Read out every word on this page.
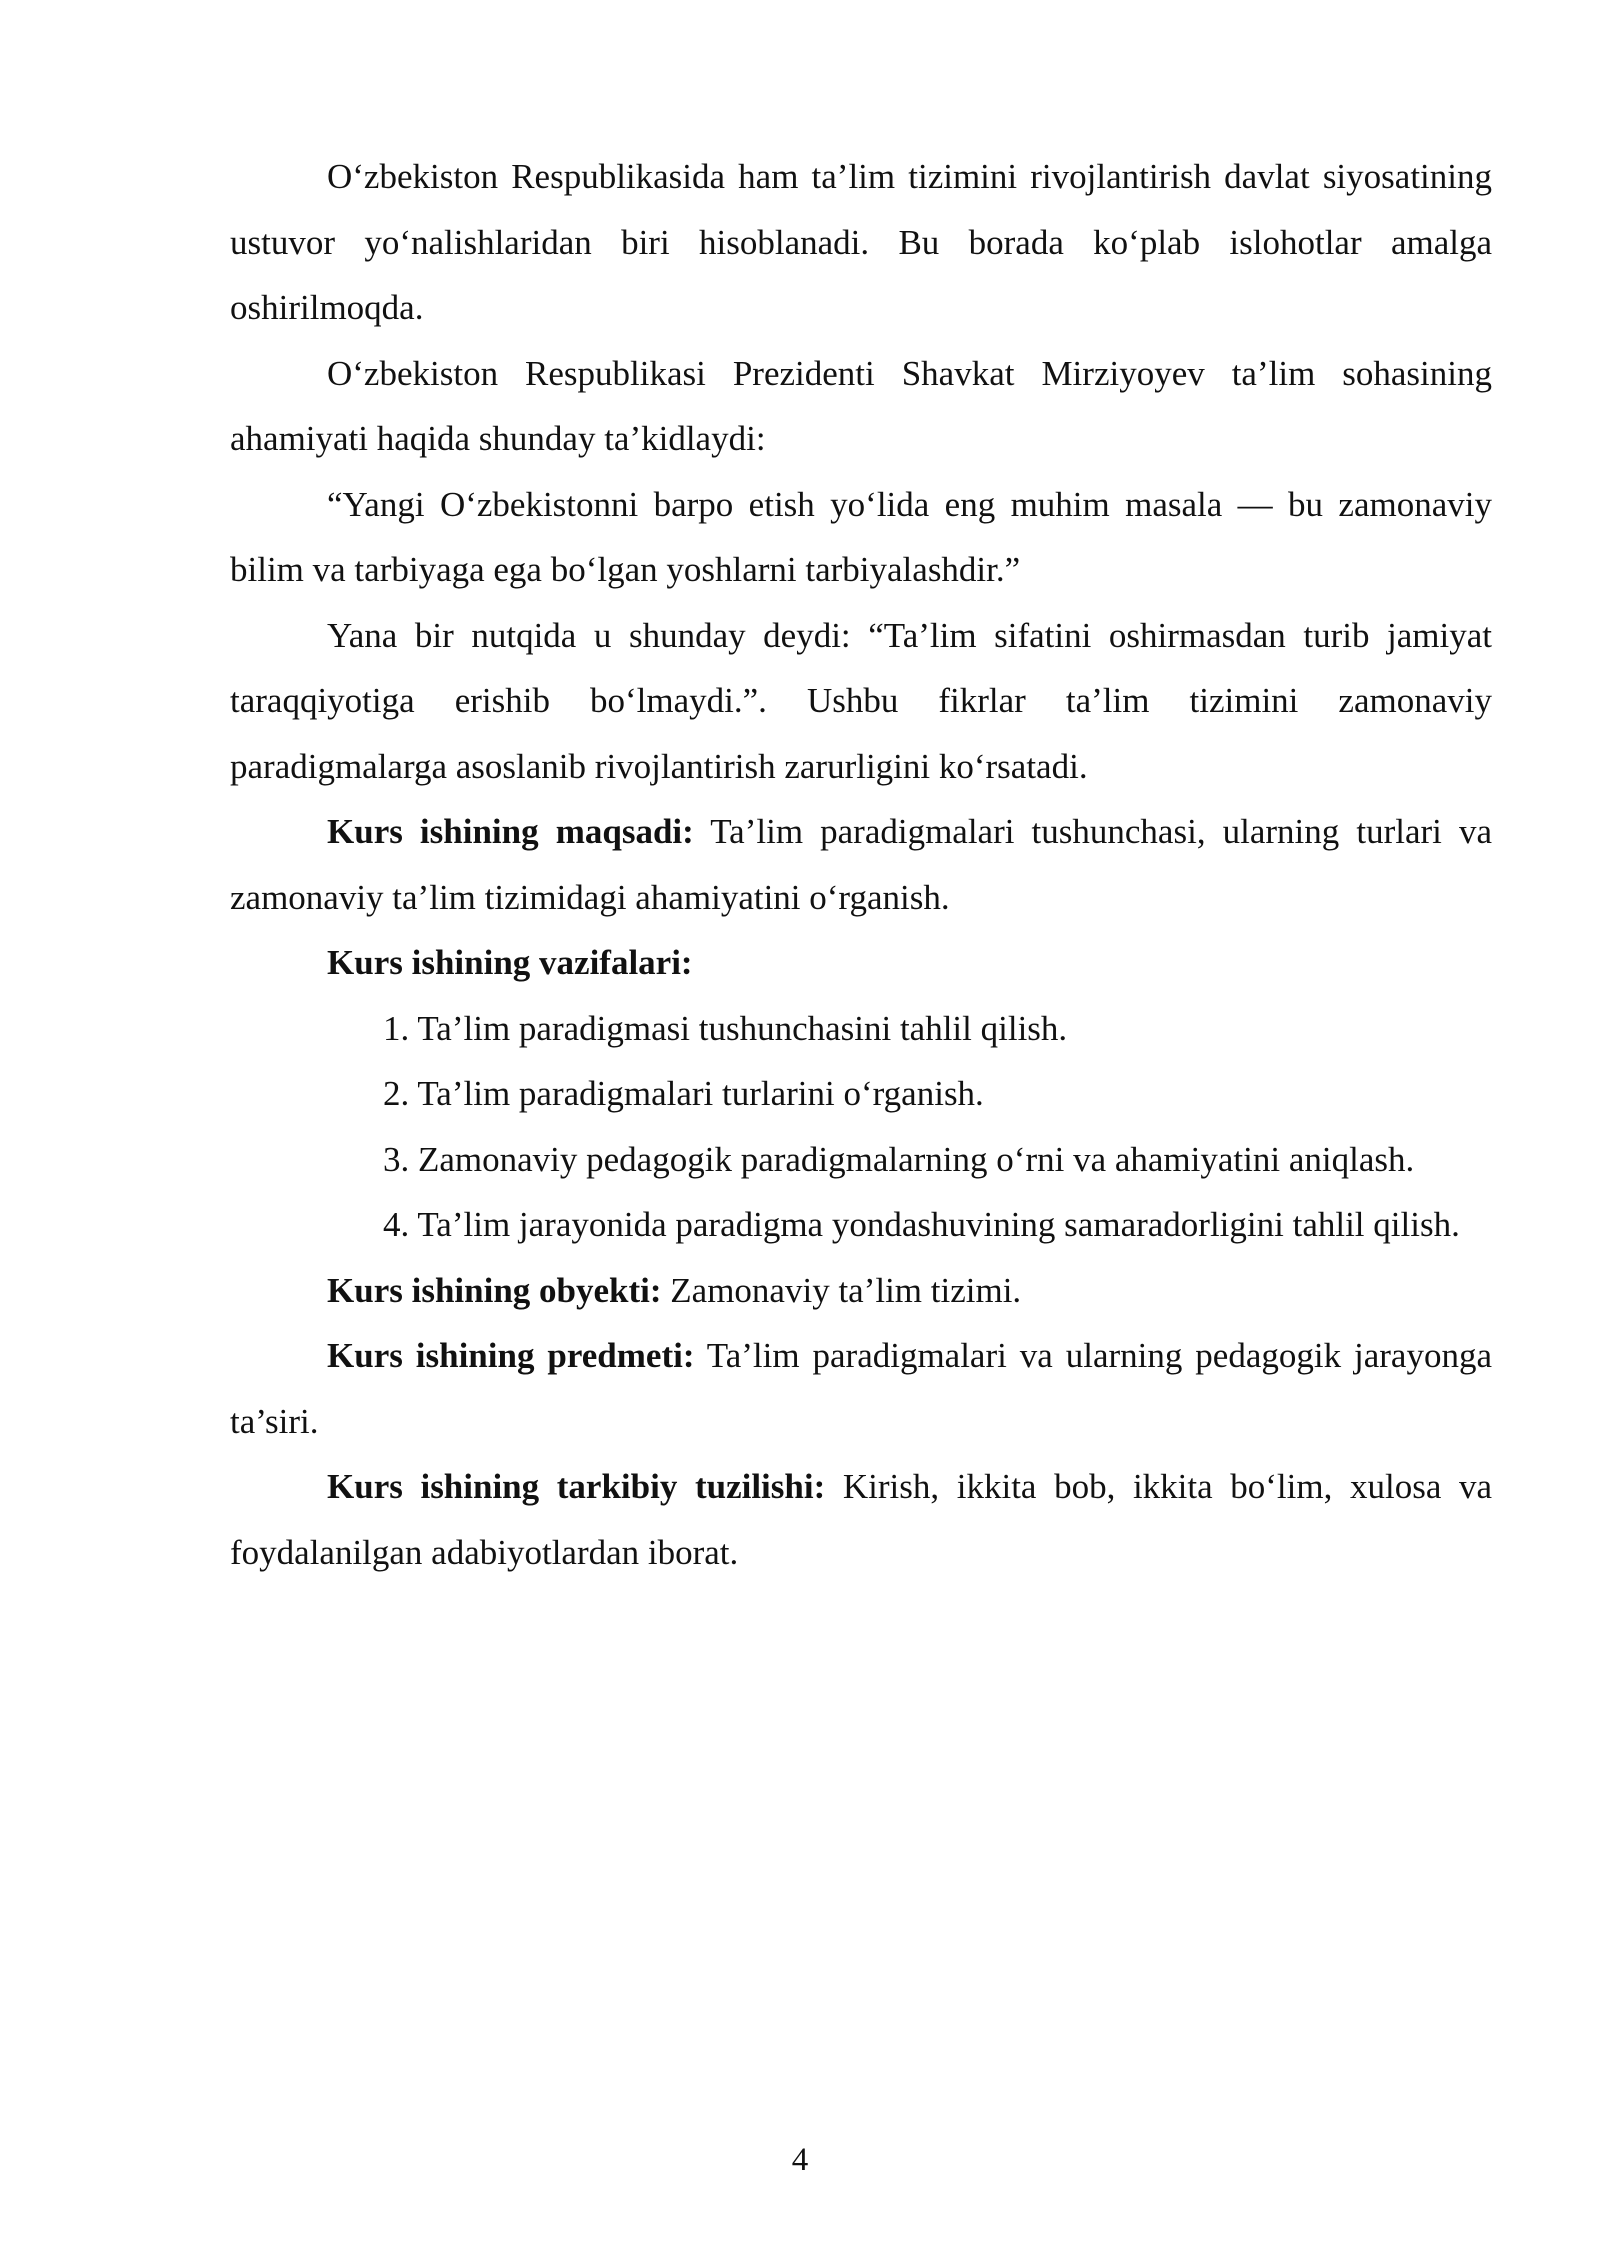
O‘zbekiston Respublikasida ham ta’lim tizimini rivojlantirish davlat siyosatining ustuvor yo‘nalishlaridan biri hisoblanadi. Bu borada ko‘plab islohotlar amalga oshirilmoqda.

O‘zbekiston Respublikasi Prezidenti Shavkat Mirziyoyev ta’lim sohasining ahamiyati haqida shunday ta’kidlaydi:

“Yangi O‘zbekistonni barpo etish yo‘lida eng muhim masala — bu zamonaviy bilim va tarbiyaga ega bo‘lgan yoshlarni tarbiyalashdir.”

Yana bir nutqida u shunday deydi: “Ta’lim sifatini oshirmasdan turib jamiyat taraqqiyotiga erishib bo‘lmaydi.”. Ushbu fikrlar ta’lim tizimini zamonaviy paradigmalarga asoslanib rivojlantirish zarurligini ko‘rsatadi.

Kurs ishining maqsadi: Ta’lim paradigmalari tushunchasi, ularning turlari va zamonaviy ta’lim tizimidagi ahamiyatini o‘rganish.

Kurs ishining vazifalari:

1. Ta’lim paradigmasi tushunchasini tahlil qilish.

2. Ta’lim paradigmalari turlarini o‘rganish.

3. Zamonaviy pedagogik paradigmalarning o‘rni va ahamiyatini aniqlash.

4. Ta’lim jarayonida paradigma yondashuvining samaradorligini tahlil qilish.

Kurs ishining obyekti: Zamonaviy ta’lim tizimi.

Kurs ishining predmeti: Ta’lim paradigmalari va ularning pedagogik jarayonga ta’siri.

Kurs ishining tarkibiy tuzilishi: Kirish, ikkita bob, ikkita bo‘lim, xulosa va foydalanilgan adabiyotlardan iborat.

4
